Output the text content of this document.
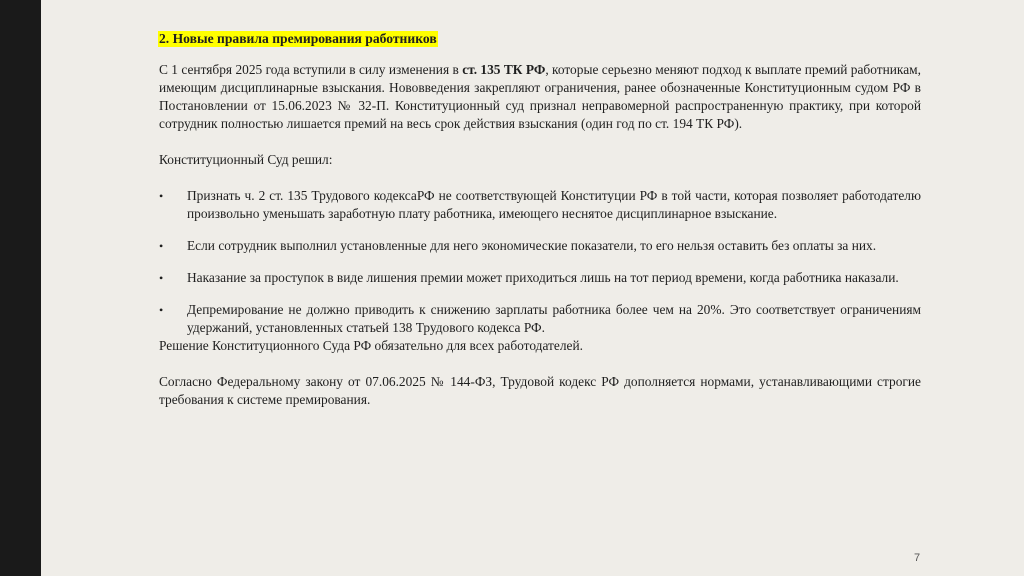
2. Новые правила премирования работников

С 1 сентября 2025 года вступили в силу изменения в ст. 135 ТК РФ, которые серьезно меняют подход к выплате премий работникам, имеющим дисциплинарные взыскания. Нововведения закрепляют ограничения, ранее обозначенные Конституционным судом РФ в Постановлении от 15.06.2023 № 32-П. Конституционный суд признал неправомерной распространенную практику, при которой сотрудник полностью лишается премий на весь срок действия взыскания (один год по ст. 194 ТК РФ).

Конституционный Суд решил:

•	Признать ч. 2 ст. 135 Трудового кодексаРФ не соответствующей Конституции РФ в той части, которая позволяет работодателю произвольно уменьшать заработную плату работника, имеющего неснятое дисциплинарное взыскание.
•	Если сотрудник выполнил установленные для него экономические показатели, то его нельзя оставить без оплаты за них.
•	Наказание за проступок в виде лишения премии может приходиться лишь на тот период времени, когда работника наказали.
•	Депремирование не должно приводить к снижению зарплаты работника более чем на 20%. Это соответствует ограничениям удержаний, установленных статьей 138 Трудового кодекса РФ.

Решение Конституционного Суда РФ обязательно для всех работодателей.

Согласно Федеральному закону от 07.06.2025 № 144-ФЗ, Трудовой кодекс РФ дополняется нормами, устанавливающими строгие требования к системе премирования.

7
